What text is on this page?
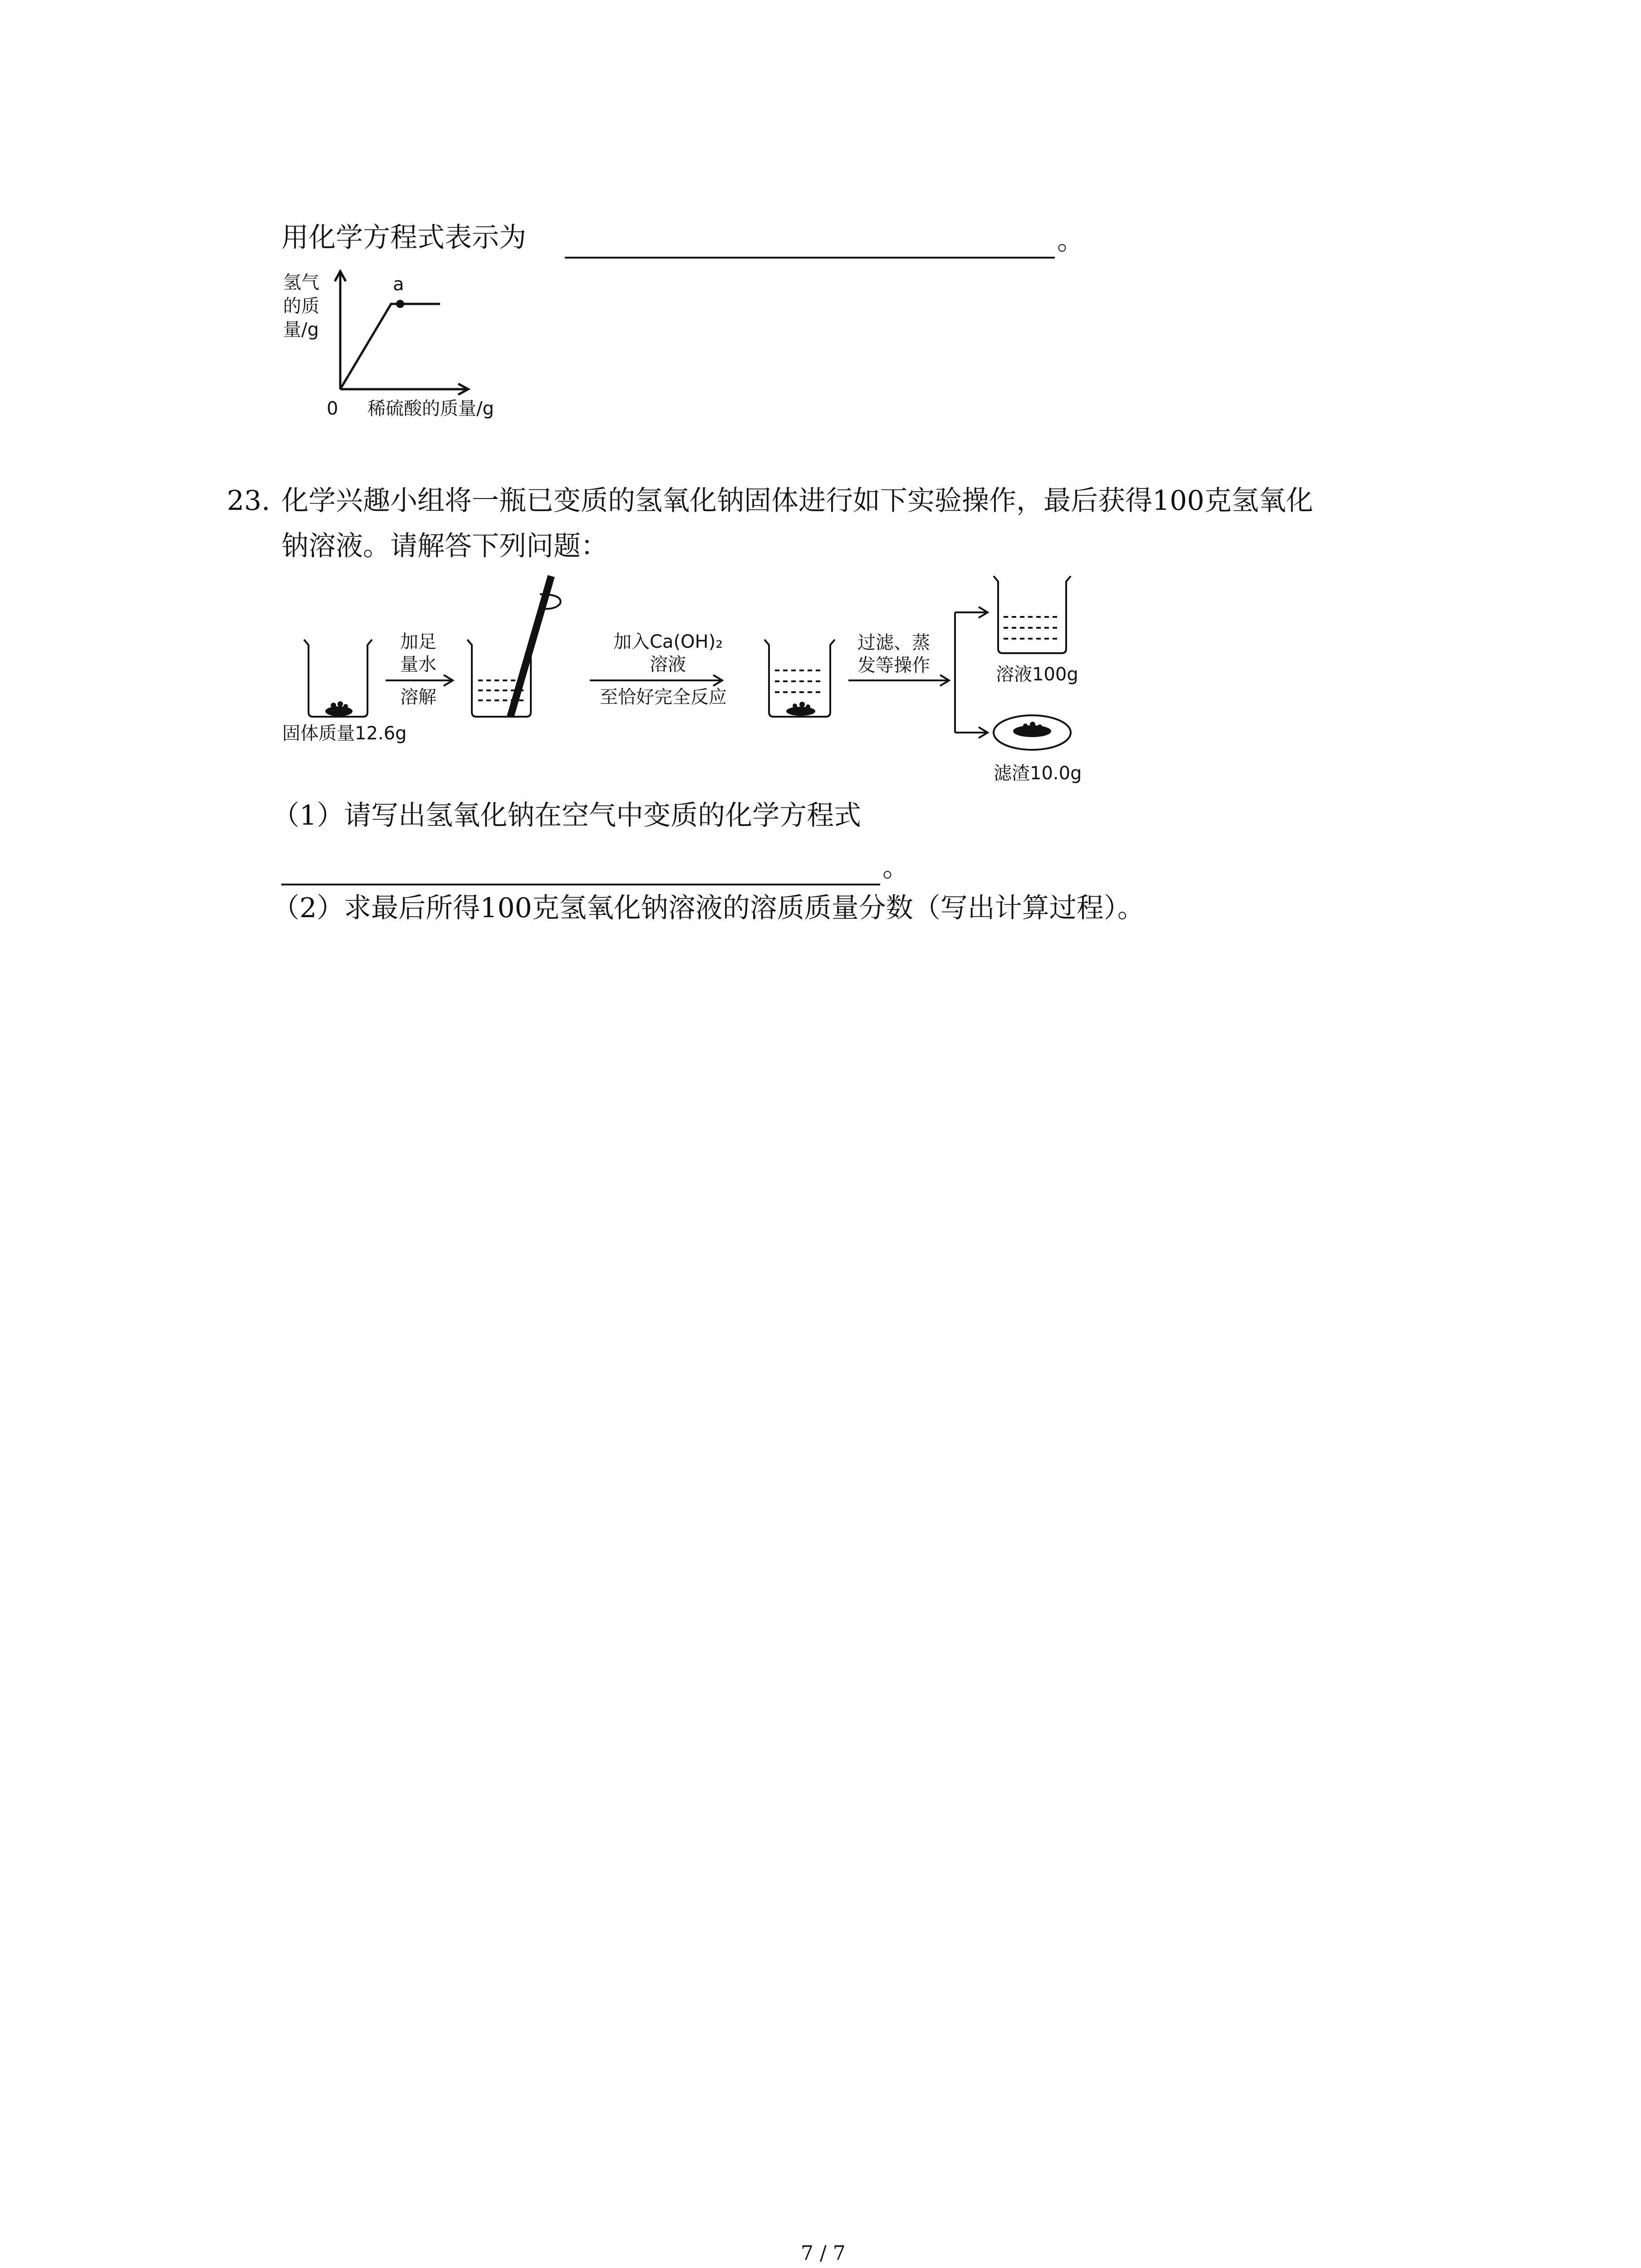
用化学方程式表示为	。
氢气
的质
量/g
a
0 稀硫酸的质量/g
23. 化学兴趣小组将一瓶已变质的氢氧化钠固体进行如下实验操作，最后获得100克氢氧化
钠溶液。请解答下列问题：
加足
量水
溶解
加入Ca(OH)₂
溶液
至恰好完全反应
过滤、蒸
发等操作
固体质量12.6g
溶液100g
滤渣10.0g
（1）请写出氢氧化钠在空气中变质的化学方程式
。
（2）求最后所得100克氢氧化钠溶液的溶质质量分数（写出计算过程）。
7 / 7
